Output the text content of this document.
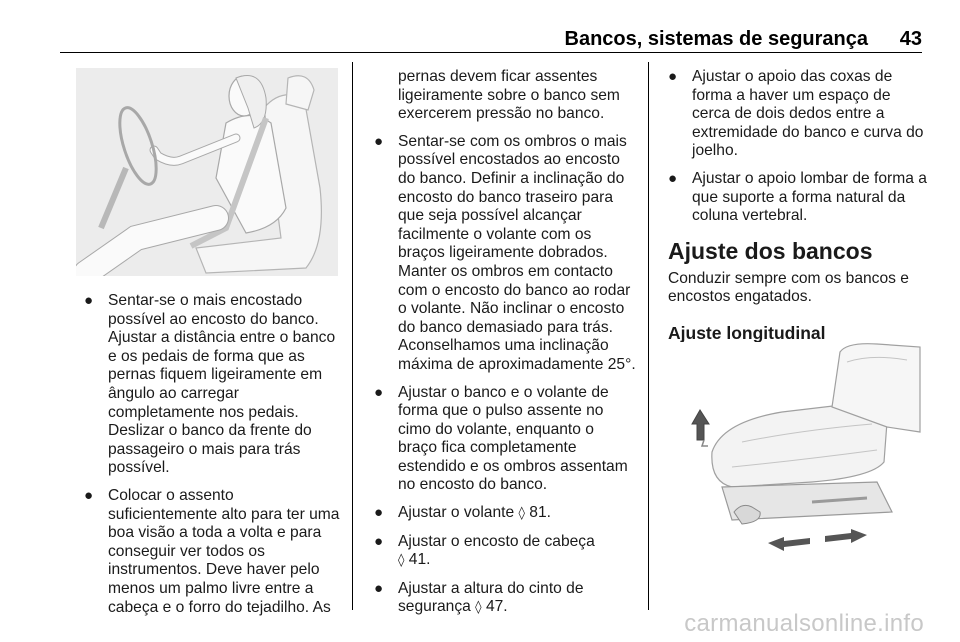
Bancos, sistemas de segurança 43
● Sentar-se o mais encostado possível ao encosto do banco. Ajustar a distância entre o banco e os pedais de forma que as pernas fiquem ligeiramente em ângulo ao carregar completamente nos pedais. Deslizar o banco da frente do passageiro o mais para trás possível.
● Colocar o assento suficientemente alto para ter uma boa visão a toda a volta e para conseguir ver todos os instrumentos. Deve haver pelo menos um palmo livre entre a cabeça e o forro do tejadilho. As

pernas devem ficar assentes ligeiramente sobre o banco sem exercerem pressão no banco.

● Sentar-se com os ombros o mais possível encostados ao encosto do banco. Definir a inclinação do encosto do banco traseiro para que seja possível alcançar facilmente o volante com os braços ligeiramente dobrados. Manter os ombros em contacto com o encosto do banco ao rodar o volante. Não inclinar o encosto do banco demasiado para trás. Aconselhamos uma inclinação máxima de aproximadamente 25°.
● Ajustar o banco e o volante de forma que o pulso assente no cimo do volante, enquanto o braço fica completamente estendido e os ombros assentam no encosto do banco.
● Ajustar o volante ◊ 81.
● Ajustar o encosto de cabeça
◊ 41.
● Ajustar a altura do cinto de segurança ◊ 47.
● Ajustar o apoio das coxas de forma a haver um espaço de cerca de dois dedos entre a extremidade do banco e curva do joelho.
● Ajustar o apoio lombar de forma a que suporte a forma natural da coluna vertebral.
Ajuste dos bancos

Conduzir sempre com os bancos e encostos engatados.

Ajuste longitudinal
carmanualsonline.info
